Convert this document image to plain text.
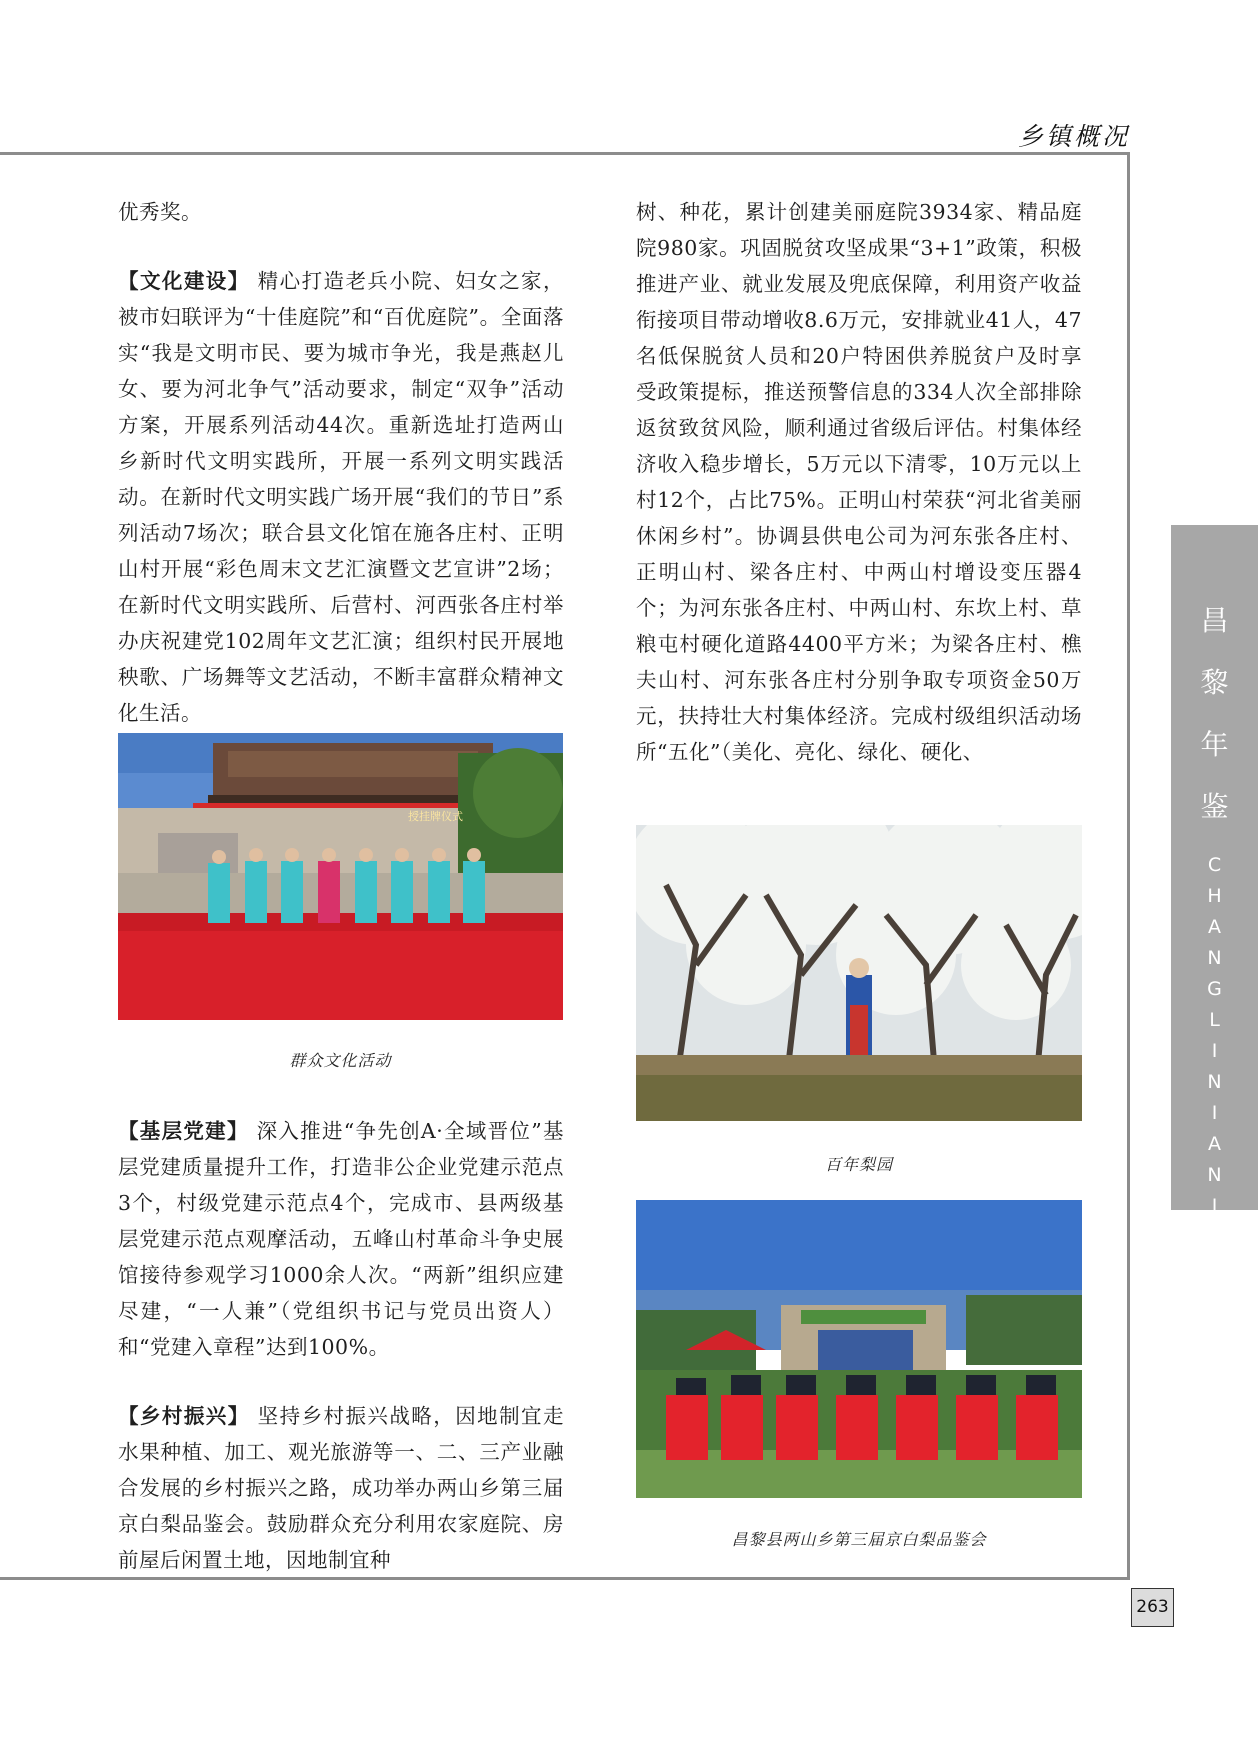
乡镇概况

优秀奖。

【文化建设】 精心打造老兵小院、妇女之家，被市妇联评为“十佳庭院”和“百优庭院”。全面落实“我是文明市民、要为城市争光，我是燕赵儿女、要为河北争气”活动要求，制定“双争”活动方案，开展系列活动44次。重新选址打造两山乡新时代文明实践所，开展一系列文明实践活动。在新时代文明实践广场开展“我们的节日”系列活动7场次；联合县文化馆在施各庄村、正明山村开展“彩色周末文艺汇演暨文艺宣讲”2场；在新时代文明实践所、后营村、河西张各庄村举办庆祝建党102周年文艺汇演；组织村民开展地秧歌、广场舞等文艺活动，不断丰富群众精神文化生活。

授挂牌仪式
群众文化活动

【基层党建】 深入推进“争先创A·全域晋位”基层党建质量提升工作，打造非公企业党建示范点3个，村级党建示范点4个，完成市、县两级基层党建示范点观摩活动，五峰山村革命斗争史展馆接待参观学习1000余人次。“两新”组织应建尽建，“一人兼”（党组织书记与党员出资人）和“党建入章程”达到100%。

【乡村振兴】 坚持乡村振兴战略，因地制宜走水果种植、加工、观光旅游等一、二、三产业融合发展的乡村振兴之路，成功举办两山乡第三届京白梨品鉴会。鼓励群众充分利用农家庭院、房前屋后闲置土地，因地制宜种

树、种花，累计创建美丽庭院3934家、精品庭院980家。巩固脱贫攻坚成果“3+1”政策，积极推进产业、就业发展及兜底保障，利用资产收益衔接项目带动增收8.6万元，安排就业41人，47名低保脱贫人员和20户特困供养脱贫户及时享受政策提标，推送预警信息的334人次全部排除返贫致贫风险，顺利通过省级后评估。村集体经济收入稳步增长，5万元以下清零，10万元以上村12个，占比75%。正明山村荣获“河北省美丽休闲乡村”。协调县供电公司为河东张各庄村、正明山村、梁各庄村、中两山村增设变压器4个；为河东张各庄村、中两山村、东坎上村、草粮屯村硬化道路4400平方米；为梁各庄村、樵夫山村、河东张各庄村分别争取专项资金50万元，扶持壮大村集体经济。完成村级组织活动场所“五化”（美化、亮化、绿化、硬化、

百年梨园
昌黎县两山乡第三届京白梨品鉴会
昌
黎
年
鉴
C
H
A
N
G
L
I
N
I
A
N
J
I
A
N
263
